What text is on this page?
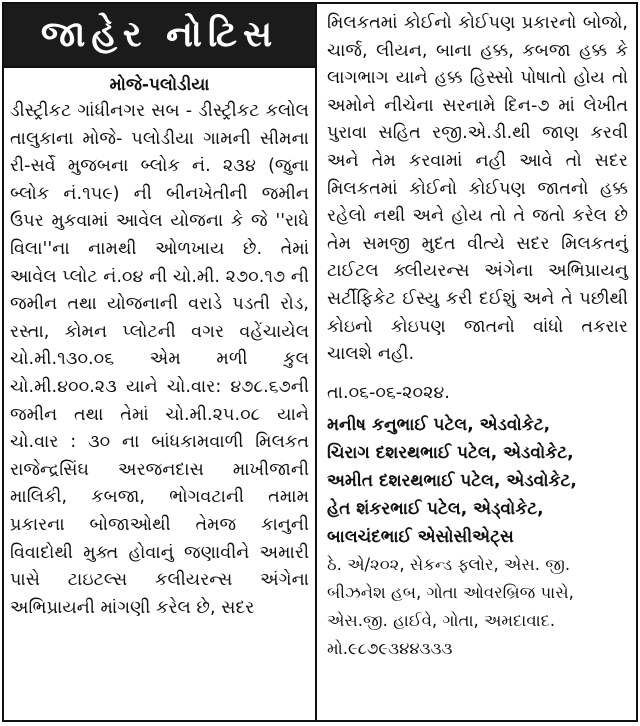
જાહેર નોટિસ
મોજે-પલોડીયા

ડીસ્ટ્રીકટ ગાંધીનગર સબ - ડીસ્ટ્રીકટ કલોલ તાલુકાના મોજે- પલોડીયા ગામની સીમના રી-સર્વે મુજબના બ્લોક નં. ૨૩૪ (જુના બ્લોક નં.૧૫૯) ની બીનખેતીની જમીન ઉપર મુકવામાં આવેલ યોજના કે જે ''રાધે વિલા''ના નામથી ઓળખાય છે. તેમાં આવેલ પ્લોટ નં.૦૪ ની ચો.મી. ૨૭૦.૧૭ ની જમીન તથા યોજનાની વરાડે પડતી રોડ, રસ્તા, કોમન પ્લોટની વગર વહેંચાયેલ ચો.મી.૧૩૦.૦૬ એમ મળી કુલ ચો.મી.૪૦૦.૨૩ યાને ચો.વાર: ૪૭૮.૬૭ની જમીન તથા તેમાં ચો.મી.૨૫.૦૮ યાને ચો.વાર : ૩૦ ના બાંધકામવાળી મિલકત રાજેન્દ્રસિંઘ અરજનદાસ માખીજાની માલિકી, કબજા, ભોગવટાની તમામ પ્રકારના બોજાઓથી તેમજ કાનુની વિવાદોથી મુક્ત હોવાનું જણાવીને અમારી પાસે ટાઇટલ્સ કલીયરન્સ અંગેના અભિપ્રાયની માંગણી કરેલ છે, સદર

મિલકતમાં કોઈનો કોઈપણ પ્રકારનો બોજો, ચાર્જ, લીયન, બાના હક્ક, કબજા હક્ક કે લાગભાગ યાને હક્ક હિસ્સો પોષાતો હોય તો અમોને નીચેના સરનામે દિન-૭ માં લેખીત પુરાવા સહિત રજી.એ.ડી.થી જાણ કરવી અને તેમ કરવામાં નહી આવે તો સદર મિલકતમાં કોઈનો કોઈપણ જાતનો હક્ક રહેલો નથી અને હોય તો તે જતો કરેલ છે તેમ સમજી મુદત વીત્યે સદર મિલકતનું ટાઈટલ ક્લીયરન્સ અંગેના અભિપ્રાયનુ સર્ટીફિકેટ ઈસ્યુ કરી દઈશું અને તે પછીથી કોઇનો કોઇપણ જાતનો વાંધો તકરાર ચાલશે નહી.

તા.૦૬-૦૬-૨૦૨૪.
મનીષ કનુભાઈ પટેલ, એડવોકેટ,
ચિરાગ દશરથભાઈ પટેલ, એડવોકેટ,
અમીત દશરથભાઈ પટેલ, એડવોકેટ,
હેત શંકરભાઈ પટેલ, એડ્વોકેટ,
બાલચંદભાઈ એસોસીએટ્સ
ઠે. એ/૨૦૨, સેકન્ડ ફ્લોર, એસ. જી.
બીઝનેશ હબ, ગોતા ઓવરબ્રિજ પાસે,
એસ.જી. હાઈવે, ગોતા, અમદાવાદ.
મો.૯૮૭૯૩૪૪૩૩૩
